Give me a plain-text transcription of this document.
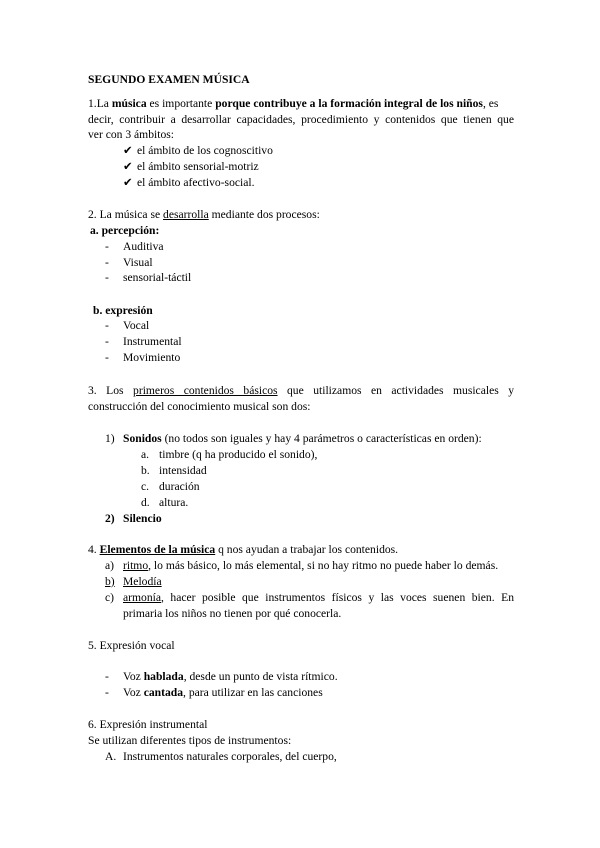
SEGUNDO EXAMEN MÚSICA
1.La música es importante porque contribuye a la formación integral de los niños, es
decir, contribuir a desarrollar capacidades, procedimiento y contenidos que tienen que
ver con 3 ámbitos:
✔ el ámbito de los cognoscitivo
✔ el ámbito sensorial-motriz
✔ el ámbito afectivo-social.
2. La música se desarrolla mediante dos procesos:
a. percepción:
- Auditiva
- Visual
- sensorial-táctil
b. expresión
- Vocal
- Instrumental
- Movimiento
3. Los primeros contenidos básicos que utilizamos en actividades musicales y
construcción del conocimiento musical son dos:
1) Sonidos (no todos son iguales y hay 4 parámetros o características en orden):
a. timbre (q ha producido el sonido),
b. intensidad
c. duración
d. altura.
2) Silencio
4. Elementos de la música q nos ayudan a trabajar los contenidos.
a) ritmo, lo más básico, lo más elemental, si no hay ritmo no puede haber lo demás.
b) Melodía
c) armonía, hacer posible que instrumentos físicos y las voces suenen bien. En
primaria los niños no tienen por qué conocerla.
5. Expresión vocal
- Voz hablada, desde un punto de vista rítmico.
- Voz cantada, para utilizar en las canciones
6. Expresión instrumental
Se utilizan diferentes tipos de instrumentos:
A. Instrumentos naturales corporales, del cuerpo,
